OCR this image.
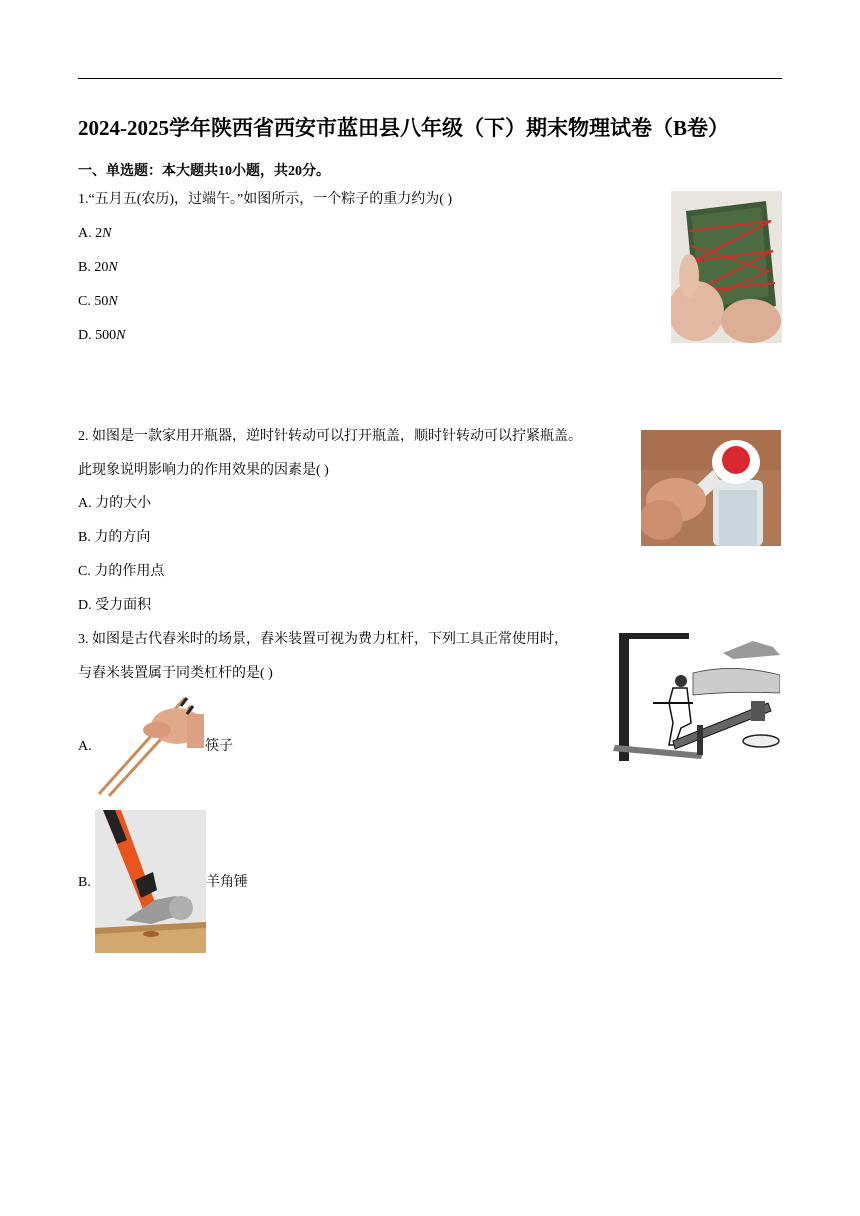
2024-2025学年陕西省西安市蓝田县八年级（下）期末物理试卷（B卷）
一、单选题：本大题共10小题，共20分。
1.“五月五(农历)，过端午。”如图所示，一个粽子的重力约为( )
A. 2N
B. 20N
C. 50N
D. 500N
2. 如图是一款家用开瓶器，逆时针转动可以打开瓶盖，顺时针转动可以拧紧瓶盖。
此现象说明影响力的作用效果的因素是( )
A. 力的大小
B. 力的方向
C. 力的作用点
D. 受力面积
3. 如图是古代舂米时的场景，舂米装置可视为费力杠杆，下列工具正常使用时，
与舂米装置属于同类杠杆的是( )
A.	筷子
B.	羊角锤
